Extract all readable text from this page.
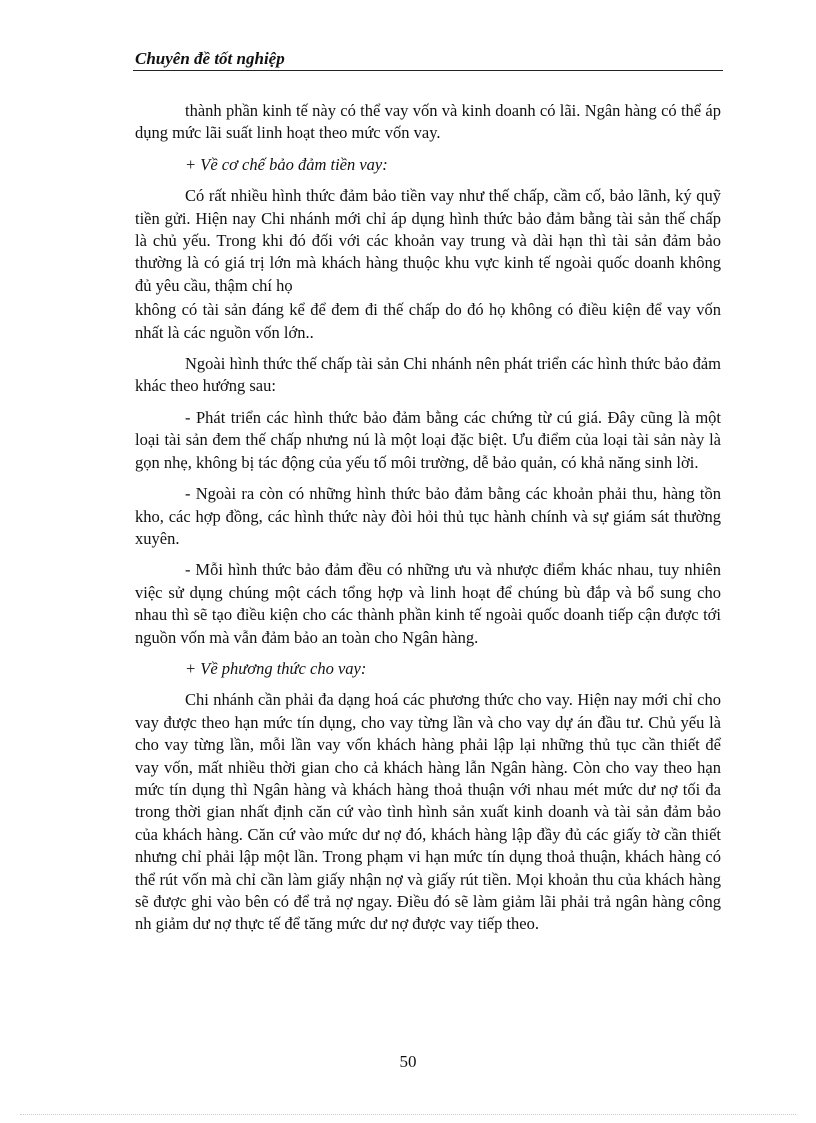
Chuyên đề tốt nghiệp

thành phần kinh tế này có thể vay vốn và kinh doanh có lãi. Ngân hàng có thể áp dụng mức lãi suất linh hoạt theo mức vốn vay.

+ Về cơ chế bảo đảm tiền vay:

Có rất nhiều hình thức đảm bảo tiền vay như thế chấp, cầm cố, bảo lãnh, ký quỹ tiền gửi. Hiện nay Chi nhánh mới chỉ áp dụng hình thức bảo đảm bằng tài sản thế chấp là chủ yếu. Trong khi đó đối với các khoản vay trung và dài hạn thì tài sản đảm bảo thường là có giá trị lớn mà khách hàng thuộc khu vực kinh tế ngoài quốc doanh không đủ yêu cầu, thậm chí họ

không có tài sản đáng kể để đem đi thế chấp do đó họ không có điều kiện để vay vốn nhất là các nguồn vốn lớn..

Ngoài hình thức thế chấp tài sản Chi nhánh nên phát triển các hình thức bảo đảm khác theo hướng sau:

- Phát triển các hình thức bảo đảm bằng các chứng từ cú giá. Đây cũng là một loại tài sản đem thế chấp nhưng nú là một loại đặc biệt. Ưu điểm của loại tài sản này là gọn nhẹ, không bị tác động của yếu tố môi trường, dễ bảo quản, có khả năng sinh lời.

- Ngoài ra còn có những hình thức bảo đảm bằng các khoản phải thu, hàng tồn kho, các hợp đồng, các hình thức này đòi hỏi thủ tục hành chính và sự giám sát thường xuyên.

- Mỗi hình thức bảo đảm đều có những ưu và nhược điểm khác nhau, tuy nhiên việc sử dụng chúng một cách tổng hợp và linh hoạt để chúng bù đắp và bổ sung cho nhau thì sẽ tạo điều kiện cho các thành phần kinh tế ngoài quốc doanh tiếp cận được tới nguồn vốn mà vẫn đảm bảo an toàn cho Ngân hàng.

+ Về phương thức cho vay:

Chi nhánh cần phải đa dạng hoá các phương thức cho vay. Hiện nay mới chỉ cho vay được theo hạn mức tín dụng, cho vay từng lần và cho vay dự án đầu tư. Chủ yếu là cho vay từng lần, mỗi lần vay vốn khách hàng phải lập lại những thủ tục cần thiết để vay vốn, mất nhiều thời gian cho cả khách hàng lẫn Ngân hàng. Còn cho vay theo hạn mức tín dụng thì Ngân hàng và khách hàng thoả thuận với nhau mét mức dư nợ tối đa trong thời gian nhất định căn cứ vào tình hình sản xuất kinh doanh và tài sản đảm bảo của khách hàng. Căn cứ vào mức dư nợ đó, khách hàng lập đầy đủ các giấy tờ cần thiết nhưng chỉ phải lập một lần. Trong phạm vi hạn mức tín dụng thoả thuận, khách hàng có thể rút vốn mà chỉ cần làm giấy nhận nợ và giấy rút tiền. Mọi khoản thu của khách hàng sẽ được ghi vào bên có để trả nợ ngay. Điều đó sẽ làm giảm lãi phải trả ngân hàng công nh giảm dư nợ thực tế để tăng mức dư nợ được vay tiếp theo.

50
